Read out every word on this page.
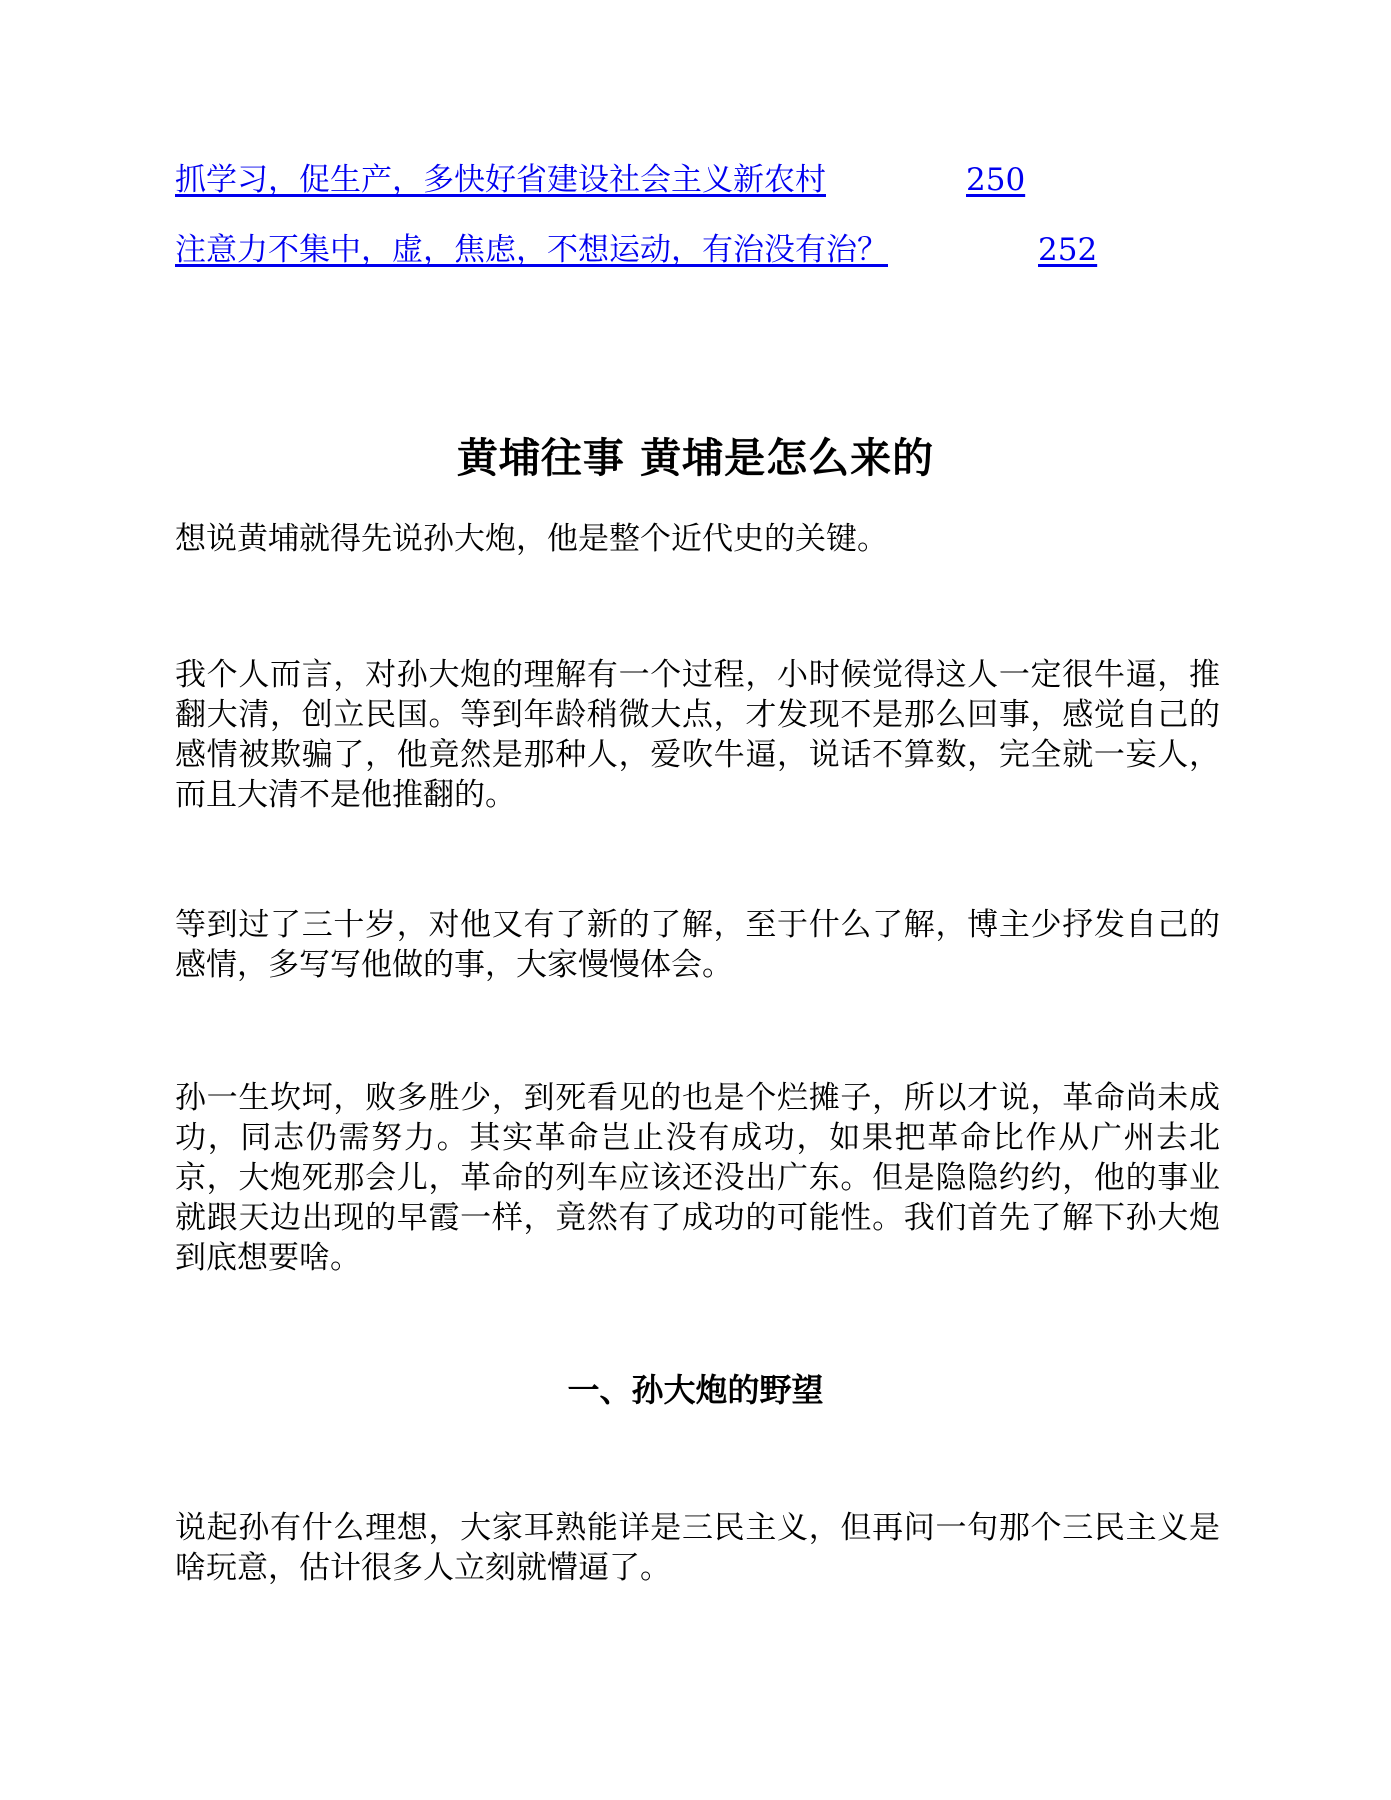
抓学习，促生产，多快好省建设社会主义新农村	250
注意力不集中，虚，焦虑，不想运动，有治没有治？	252
黄埔往事 黄埔是怎么来的

想说黄埔就得先说孙大炮，他是整个近代史的关键。

我个人而言，对孙大炮的理解有一个过程，小时候觉得这人一定很牛逼，推翻大清，创立民国。等到年龄稍微大点，才发现不是那么回事，感觉自己的感情被欺骗了，他竟然是那种人，爱吹牛逼，说话不算数，完全就一妄人，而且大清不是他推翻的。

等到过了三十岁，对他又有了新的了解，至于什么了解，博主少抒发自己的感情，多写写他做的事，大家慢慢体会。

孙一生坎坷，败多胜少，到死看见的也是个烂摊子，所以才说，革命尚未成功，同志仍需努力。其实革命岂止没有成功，如果把革命比作从广州去北京，大炮死那会儿，革命的列车应该还没出广东。但是隐隐约约，他的事业就跟天边出现的早霞一样，竟然有了成功的可能性。我们首先了解下孙大炮到底想要啥。

一、孙大炮的野望

说起孙有什么理想，大家耳熟能详是三民主义，但再问一句那个三民主义是啥玩意，估计很多人立刻就懵逼了。
